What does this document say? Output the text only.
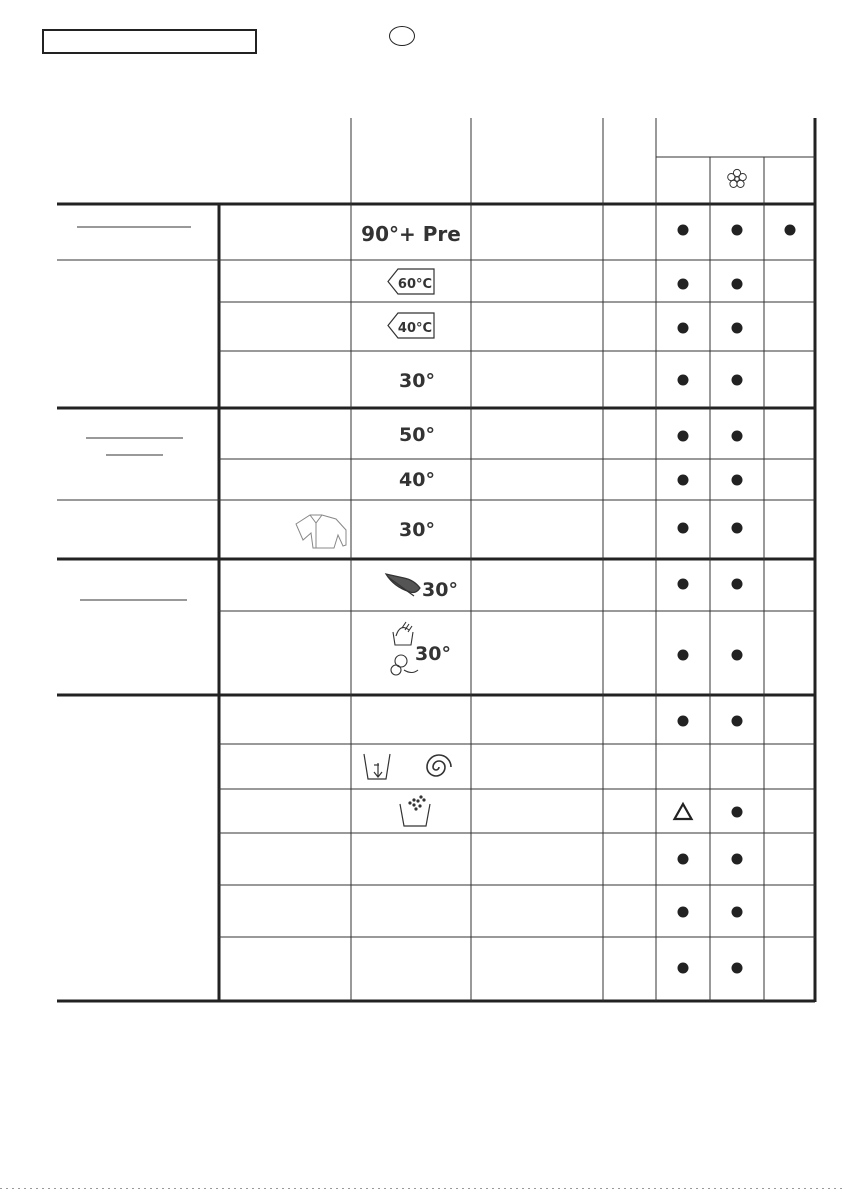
90°+ Pre
60°C
40°C
30°
50°
40°
30°
30°
30°
